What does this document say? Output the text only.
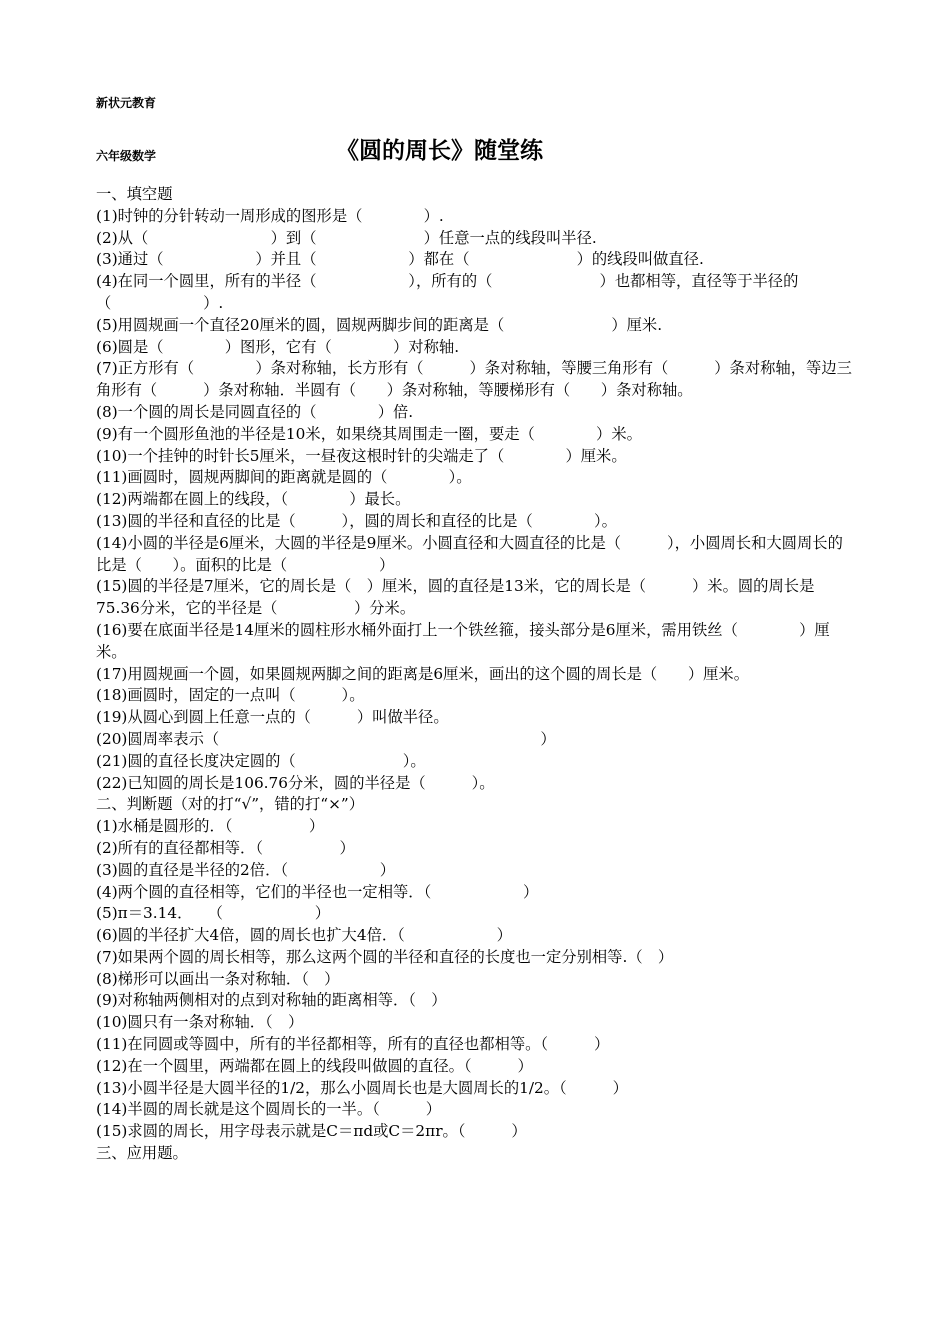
新状元教育
《圆的周长》随堂练
六年级数学
一、填空题
(1)时钟的分针转动一周形成的图形是（　　　　）.
(2)从（　　　　　　　　）到（　　　　　　　）任意一点的线段叫半径.
(3)通过（　　　　　　）并且（　　　　　　）都在（　　　　　　　）的线段叫做直径.
(4)在同一个圆里，所有的半径（　　　　　　），所有的（　　　　　　　）也都相等，直径等于半径的（　　　　　　）.
(5)用圆规画一个直径20厘米的圆，圆规两脚步间的距离是（　　　　　　　）厘米.
(6)圆是（　　　　）图形，它有（　　　　）对称轴.
(7)正方形有（　　　　）条对称轴，长方形有（　　　）条对称轴，等腰三角形有（　　　）条对称轴，等边三角形有（　　　）条对称轴．半圆有（　　）条对称轴，等腰梯形有（　　）条对称轴。
(8)一个圆的周长是同圆直径的（　　　　）倍.
(9)有一个圆形鱼池的半径是10米，如果绕其周围走一圈，要走（　　　　）米。
(10)一个挂钟的时针长5厘米，一昼夜这根时针的尖端走了（　　　　）厘米。
(11)画圆时，圆规两脚间的距离就是圆的（　　　　）。
(12)两端都在圆上的线段，（　　　　）最长。
(13)圆的半径和直径的比是（　　　），圆的周长和直径的比是（　　　　）。
(14)小圆的半径是6厘米，大圆的半径是9厘米。小圆直径和大圆直径的比是（　　　），小圆周长和大圆周长的比是（　　）。面积的比是（　　　　　　）
(15)圆的半径是7厘米，它的周长是（　）厘米，圆的直径是13米，它的周长是（　　　）米。圆的周长是75.36分米，它的半径是（　　　　　）分米。
(16)要在底面半径是14厘米的圆柱形水桶外面打上一个铁丝箍，接头部分是6厘米，需用铁丝（　　　　）厘米。
(17)用圆规画一个圆，如果圆规两脚之间的距离是6厘米，画出的这个圆的周长是（　　）厘米。
(18)画圆时，固定的一点叫（　　　）。
(19)从圆心到圆上任意一点的（　　　）叫做半径。
(20)圆周率表示（　　　　　　　　　　　　　　　　　　　　　）
(21)圆的直径长度决定圆的（　　　　　　　）。
(22)已知圆的周长是106.76分米，圆的半径是（　　　）。
二、判断题（对的打“√”，错的打“×”）
(1)水桶是圆形的．（　　　　　）
(2)所有的直径都相等．（　　　　　）
(3)圆的直径是半径的2倍．（　　　　　　）
(4)两个圆的直径相等，它们的半径也一定相等．（　　　　　　）
(5)π＝3.14．　　（　　　　　　）
(6)圆的半径扩大4倍，圆的周长也扩大4倍．（　　　　　　）
(7)如果两个圆的周长相等，那么这两个圆的半径和直径的长度也一定分别相等.（　）
(8)梯形可以画出一条对称轴．（　）
(9)对称轴两侧相对的点到对称轴的距离相等．（　）
(10)圆只有一条对称轴．（　）
(11)在同圆或等圆中，所有的半径都相等，所有的直径也都相等。（　　　）
(12)在一个圆里，两端都在圆上的线段叫做圆的直径。（　　　）
(13)小圆半径是大圆半径的1/2，那么小圆周长也是大圆周长的1/2。（　　　）
(14)半圆的周长就是这个圆周长的一半。（　　　）
(15)求圆的周长，用字母表示就是C＝πd或C＝2πr。（　　　）
三、应用题。
